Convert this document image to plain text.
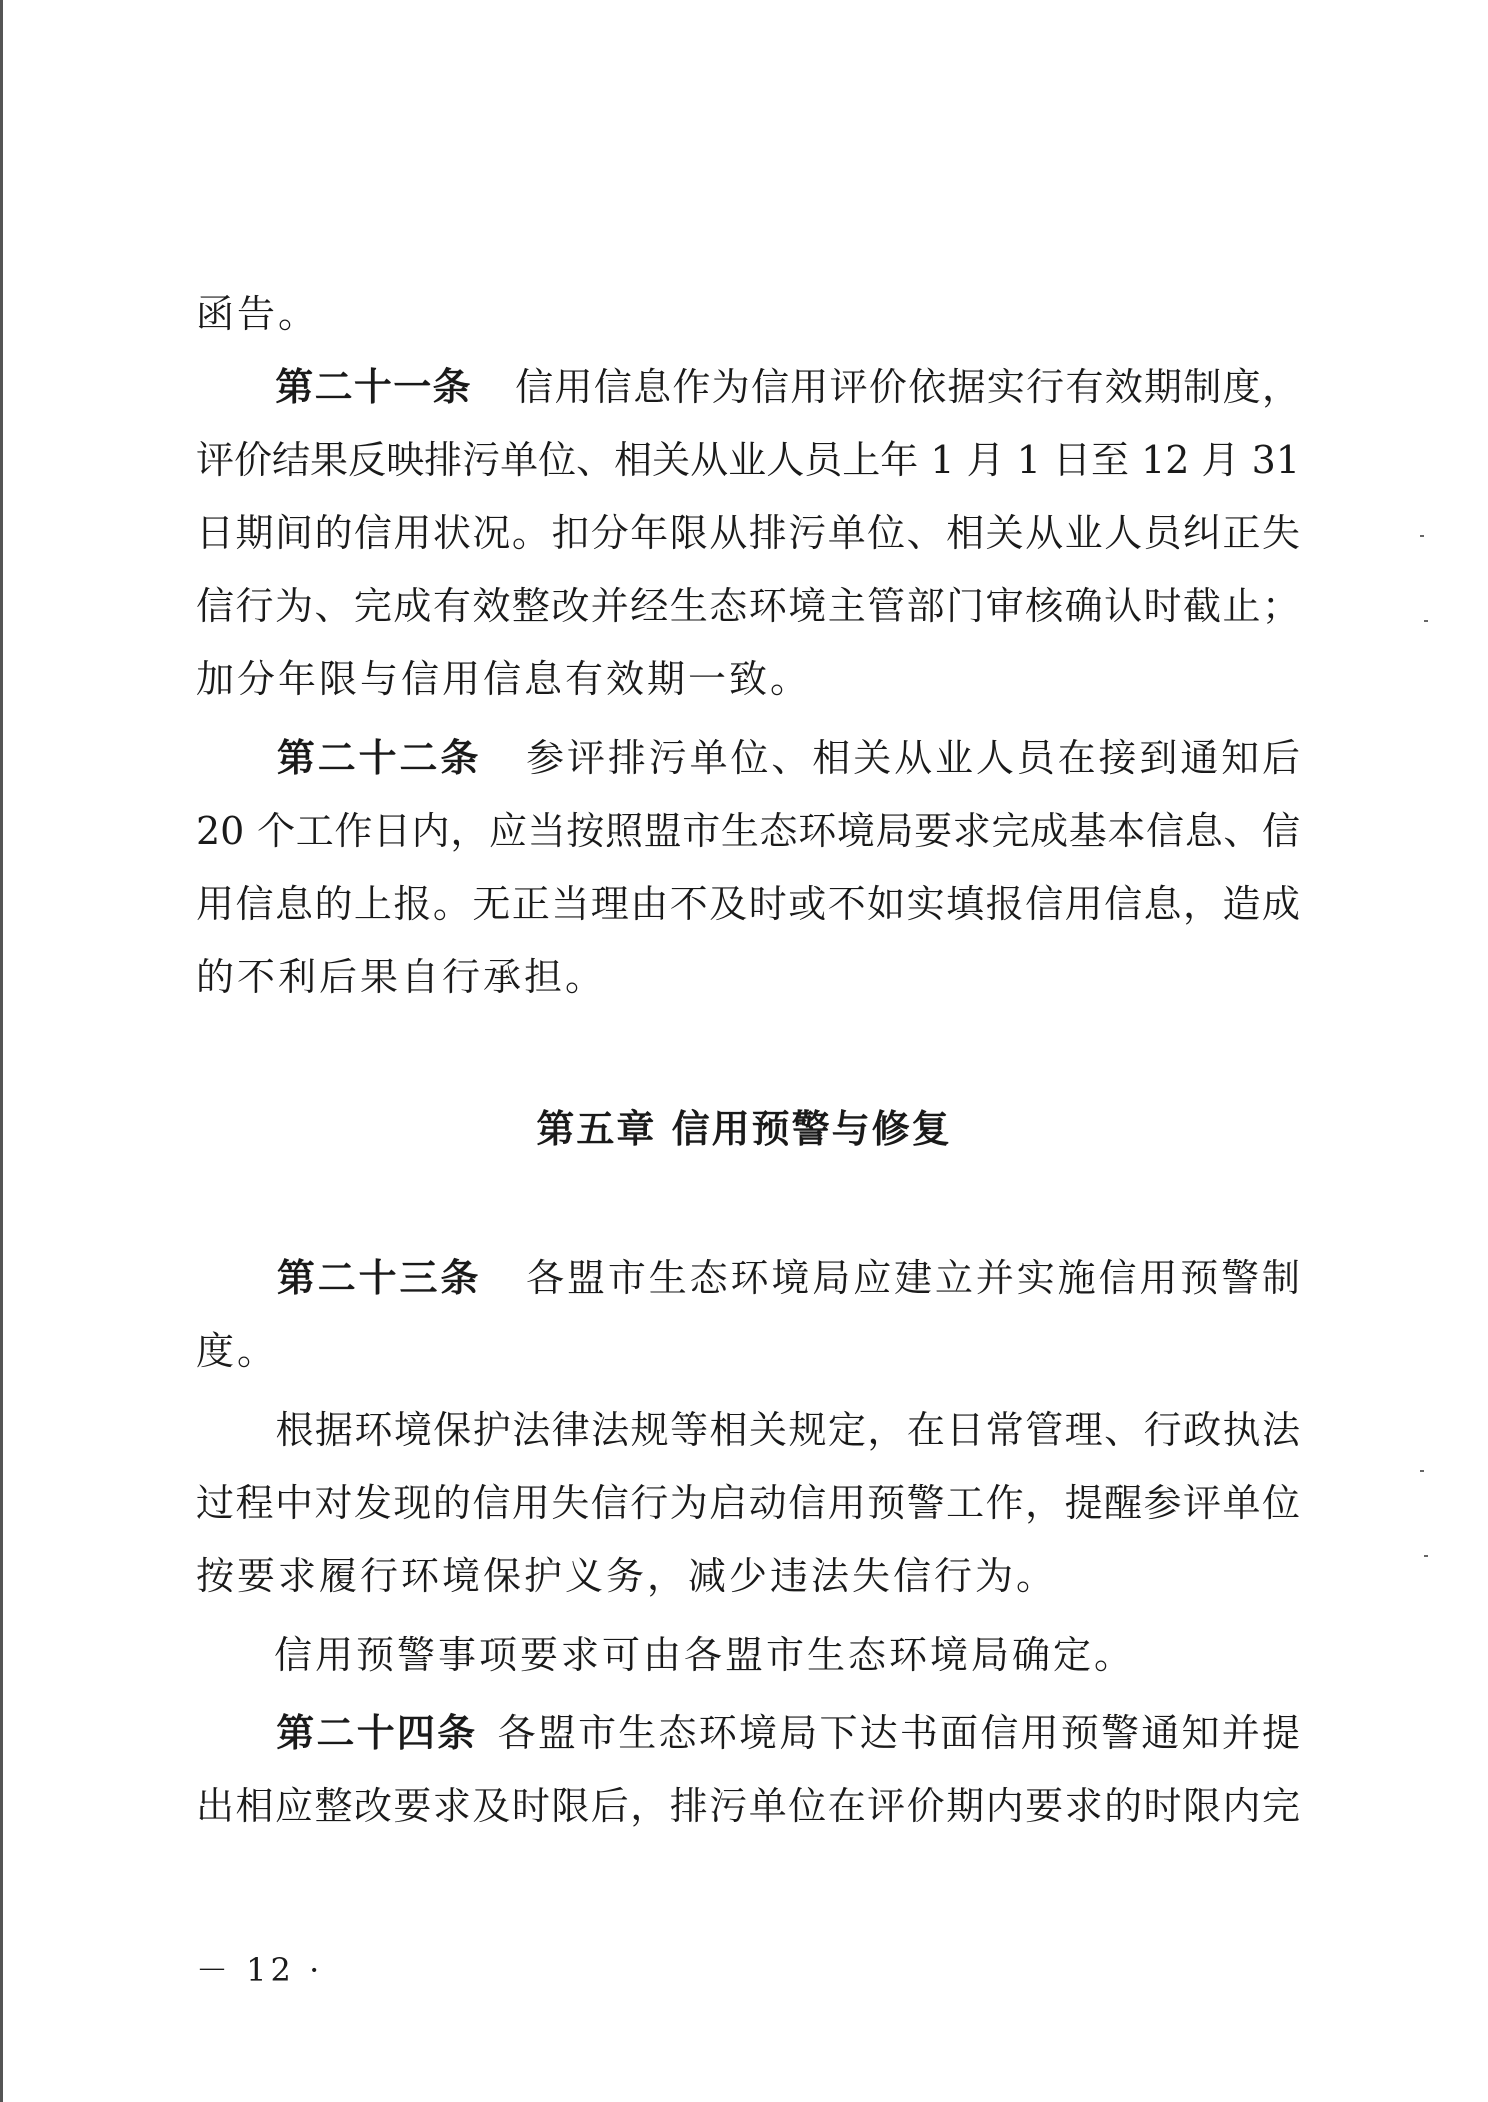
函告。
第二十一条 信用信息作为信用评价依据实行有效期制度，
评价结果反映排污单位、相关从业人员上年 1 月 1 日至 12 月 31
日期间的信用状况。扣分年限从排污单位、相关从业人员纠正失
信行为、完成有效整改并经生态环境主管部门审核确认时截止；
加分年限与信用信息有效期一致。
第二十二条 参评排污单位、相关从业人员在接到通知后
20 个工作日内，应当按照盟市生态环境局要求完成基本信息、信
用信息的上报。无正当理由不及时或不如实填报信用信息，造成
的不利后果自行承担。
第五章 信用预警与修复
第二十三条 各盟市生态环境局应建立并实施信用预警制
度。
根据环境保护法律法规等相关规定，在日常管理、行政执法
过程中对发现的信用失信行为启动信用预警工作，提醒参评单位
按要求履行环境保护义务，减少违法失信行为。
信用预警事项要求可由各盟市生态环境局确定。
第二十四条 各盟市生态环境局下达书面信用预警通知并提
出相应整改要求及时限后，排污单位在评价期内要求的时限内完
－ 12 ·
